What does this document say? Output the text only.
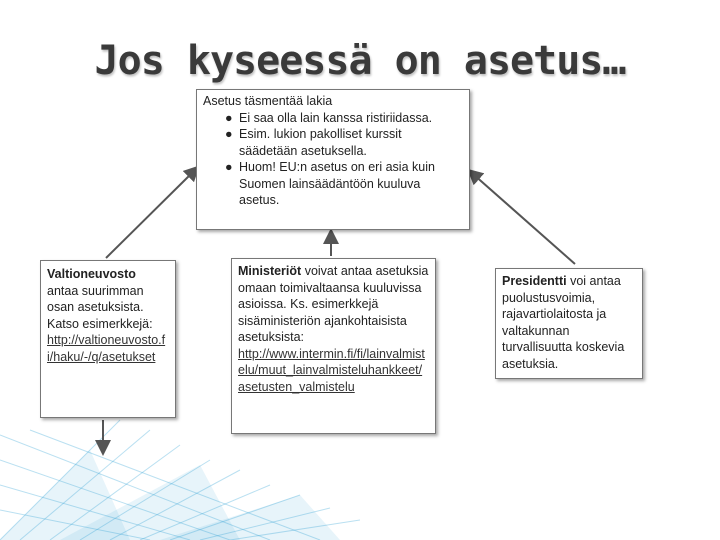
Jos kyseessä on asetus…
Asetus täsmentää lakia
● Ei saa olla lain kanssa ristiriidassa.
● Esim. lukion pakolliset kurssit säädetään asetuksella.
● Huom! EU:n asetus on eri asia kuin Suomen lainsäädäntöön kuuluva asetus.
Valtioneuvosto
antaa suurimman osan asetuksista. Katso esimerkkejä:
http://valtioneuvosto.fi/haku/-/q/asetukset
Ministeriöt voivat antaa asetuksia omaan toimivaltaansa kuuluvissa asioissa. Ks. esimerkkejä sisäministeriön ajankohtaisista asetuksista:
http://www.intermin.fi/fi/lainvalmistelu/muut_lainvalmisteluhankkeet/asetusten_valmistelu
Presidentti voi antaa puolustusvoimia, rajavartiolaitosta ja valtakunnan turvallisuutta koskevia asetuksia.
